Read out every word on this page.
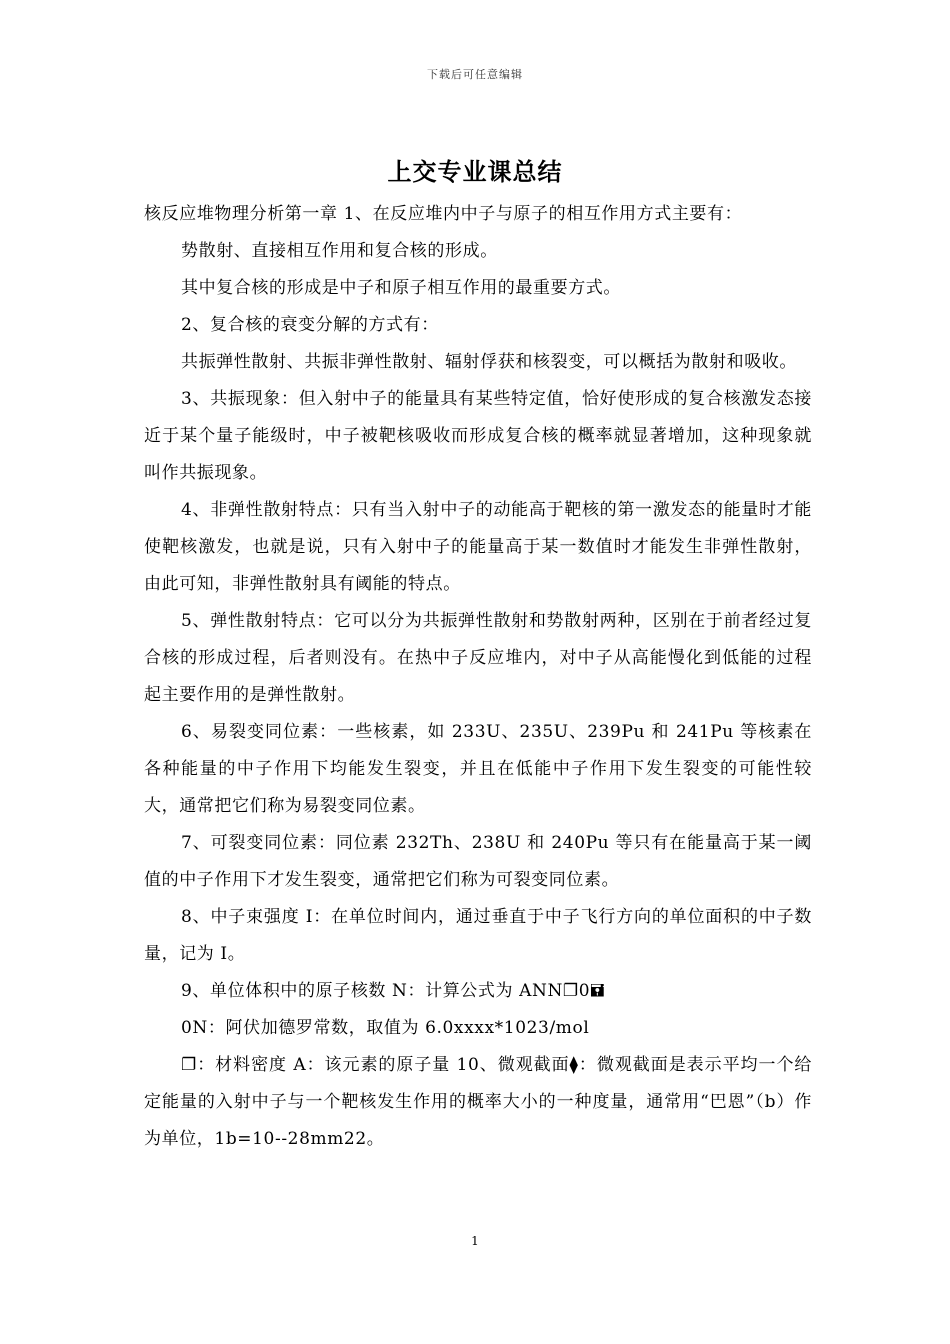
下载后可任意编辑
上交专业课总结

核反应堆物理分析第一章 1、在反应堆内中子与原子的相互作用方式主要有：

势散射、直接相互作用和复合核的形成。

其中复合核的形成是中子和原子相互作用的最重要方式。

2、复合核的衰变分解的方式有：

共振弹性散射、共振非弹性散射、辐射俘获和核裂变，可以概括为散射和吸收。

3、共振现象：但入射中子的能量具有某些特定值，恰好使形成的复合核激发态接近于某个量子能级时，中子被靶核吸收而形成复合核的概率就显著增加，这种现象就叫作共振现象。

4、非弹性散射特点：只有当入射中子的动能高于靶核的第一激发态的能量时才能使靶核激发，也就是说，只有入射中子的能量高于某一数值时才能发生非弹性散射，由此可知，非弹性散射具有阈能的特点。

5、弹性散射特点：它可以分为共振弹性散射和势散射两种，区别在于前者经过复合核的形成过程，后者则没有。在热中子反应堆内，对中子从高能慢化到低能的过程起主要作用的是弹性散射。

6、易裂变同位素：一些核素，如 233U、235U、239Pu 和 241Pu 等核素在各种能量的中子作用下均能发生裂变，并且在低能中子作用下发生裂变的可能性较大，通常把它们称为易裂变同位素。

7、可裂变同位素：同位素 232Th、238U 和 240Pu 等只有在能量高于某一阈值的中子作用下才发生裂变，通常把它们称为可裂变同位素。

8、中子束强度 I：在单位时间内，通过垂直于中子飞行方向的单位面积的中子数量，记为 I。

9、单位体积中的原子核数 N：计算公式为 ANN❐0🖬

0N：阿伏加德罗常数，取值为 6.0xxxx*1023/mol

❐：材料密度 A：该元素的原子量 10、微观截面⧫：微观截面是表示平均一个给定能量的入射中子与一个靶核发生作用的概率大小的一种度量，通常用“巴恩”（b）作为单位，1b=10--28mm22。

1
